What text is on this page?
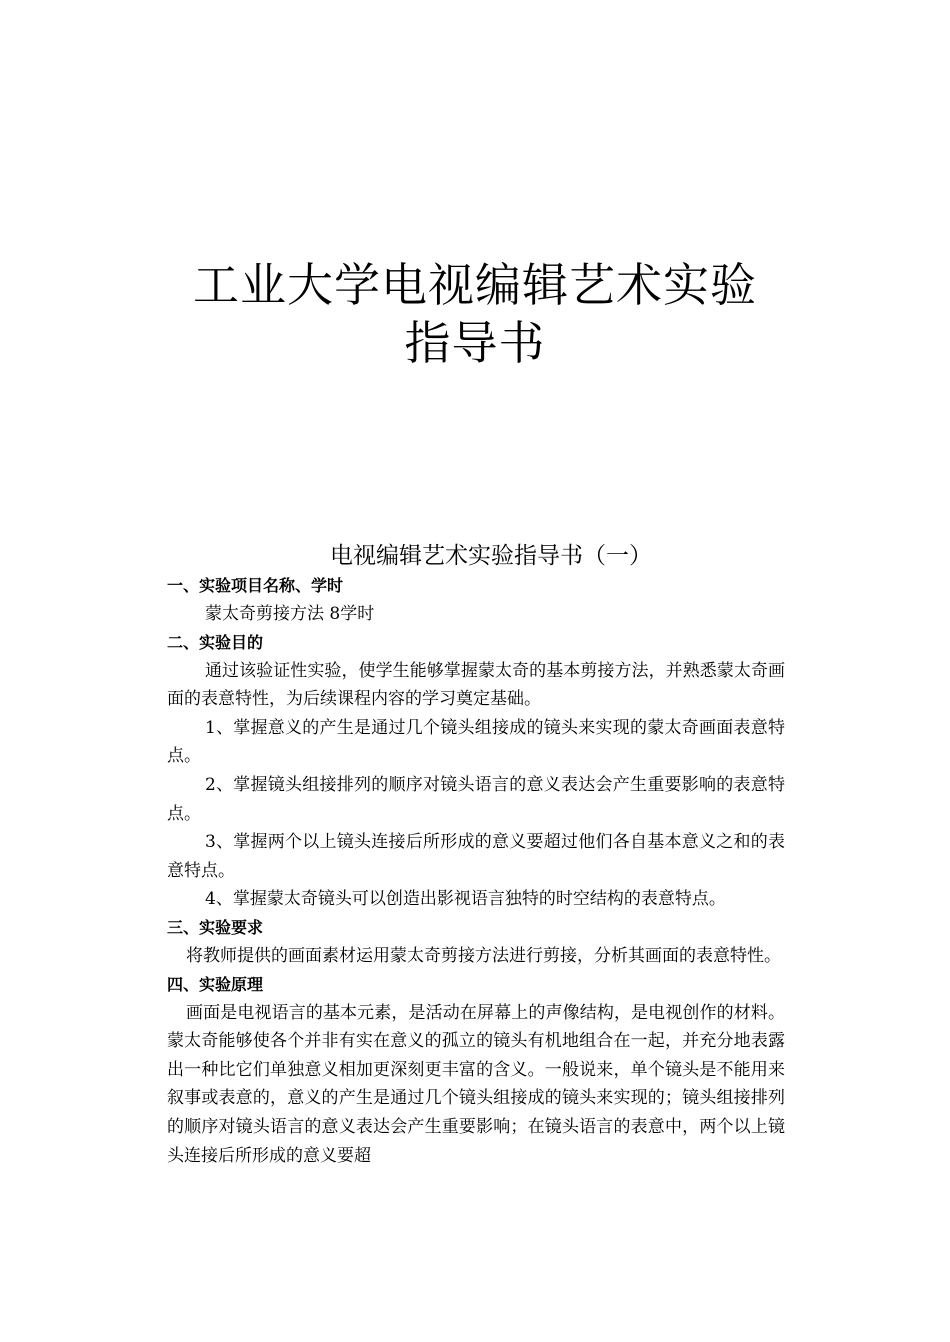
工业大学电视编辑艺术实验
指导书
电视编辑艺术实验指导书（一）

一、实验项目名称、学时

蒙太奇剪接方法 8学时

二、实验目的

通过该验证性实验，使学生能够掌握蒙太奇的基本剪接方法，并熟悉蒙太奇画面的表意特性，为后续课程内容的学习奠定基础。

1、掌握意义的产生是通过几个镜头组接成的镜头来实现的蒙太奇画面表意特点。

2、掌握镜头组接排列的顺序对镜头语言的意义表达会产生重要影响的表意特点。

3、掌握两个以上镜头连接后所形成的意义要超过他们各自基本意义之和的表意特点。

4、掌握蒙太奇镜头可以创造出影视语言独特的时空结构的表意特点。

三、实验要求

将教师提供的画面素材运用蒙太奇剪接方法进行剪接，分析其画面的表意特性。

四、实验原理

画面是电视语言的基本元素，是活动在屏幕上的声像结构，是电视创作的材料。蒙太奇能够使各个并非有实在意义的孤立的镜头有机地组合在一起，并充分地表露出一种比它们单独意义相加更深刻更丰富的含义。一般说来，单个镜头是不能用来叙事或表意的，意义的产生是通过几个镜头组接成的镜头来实现的；镜头组接排列的顺序对镜头语言的意义表达会产生重要影响；在镜头语言的表意中，两个以上镜头连接后所形成的意义要超
